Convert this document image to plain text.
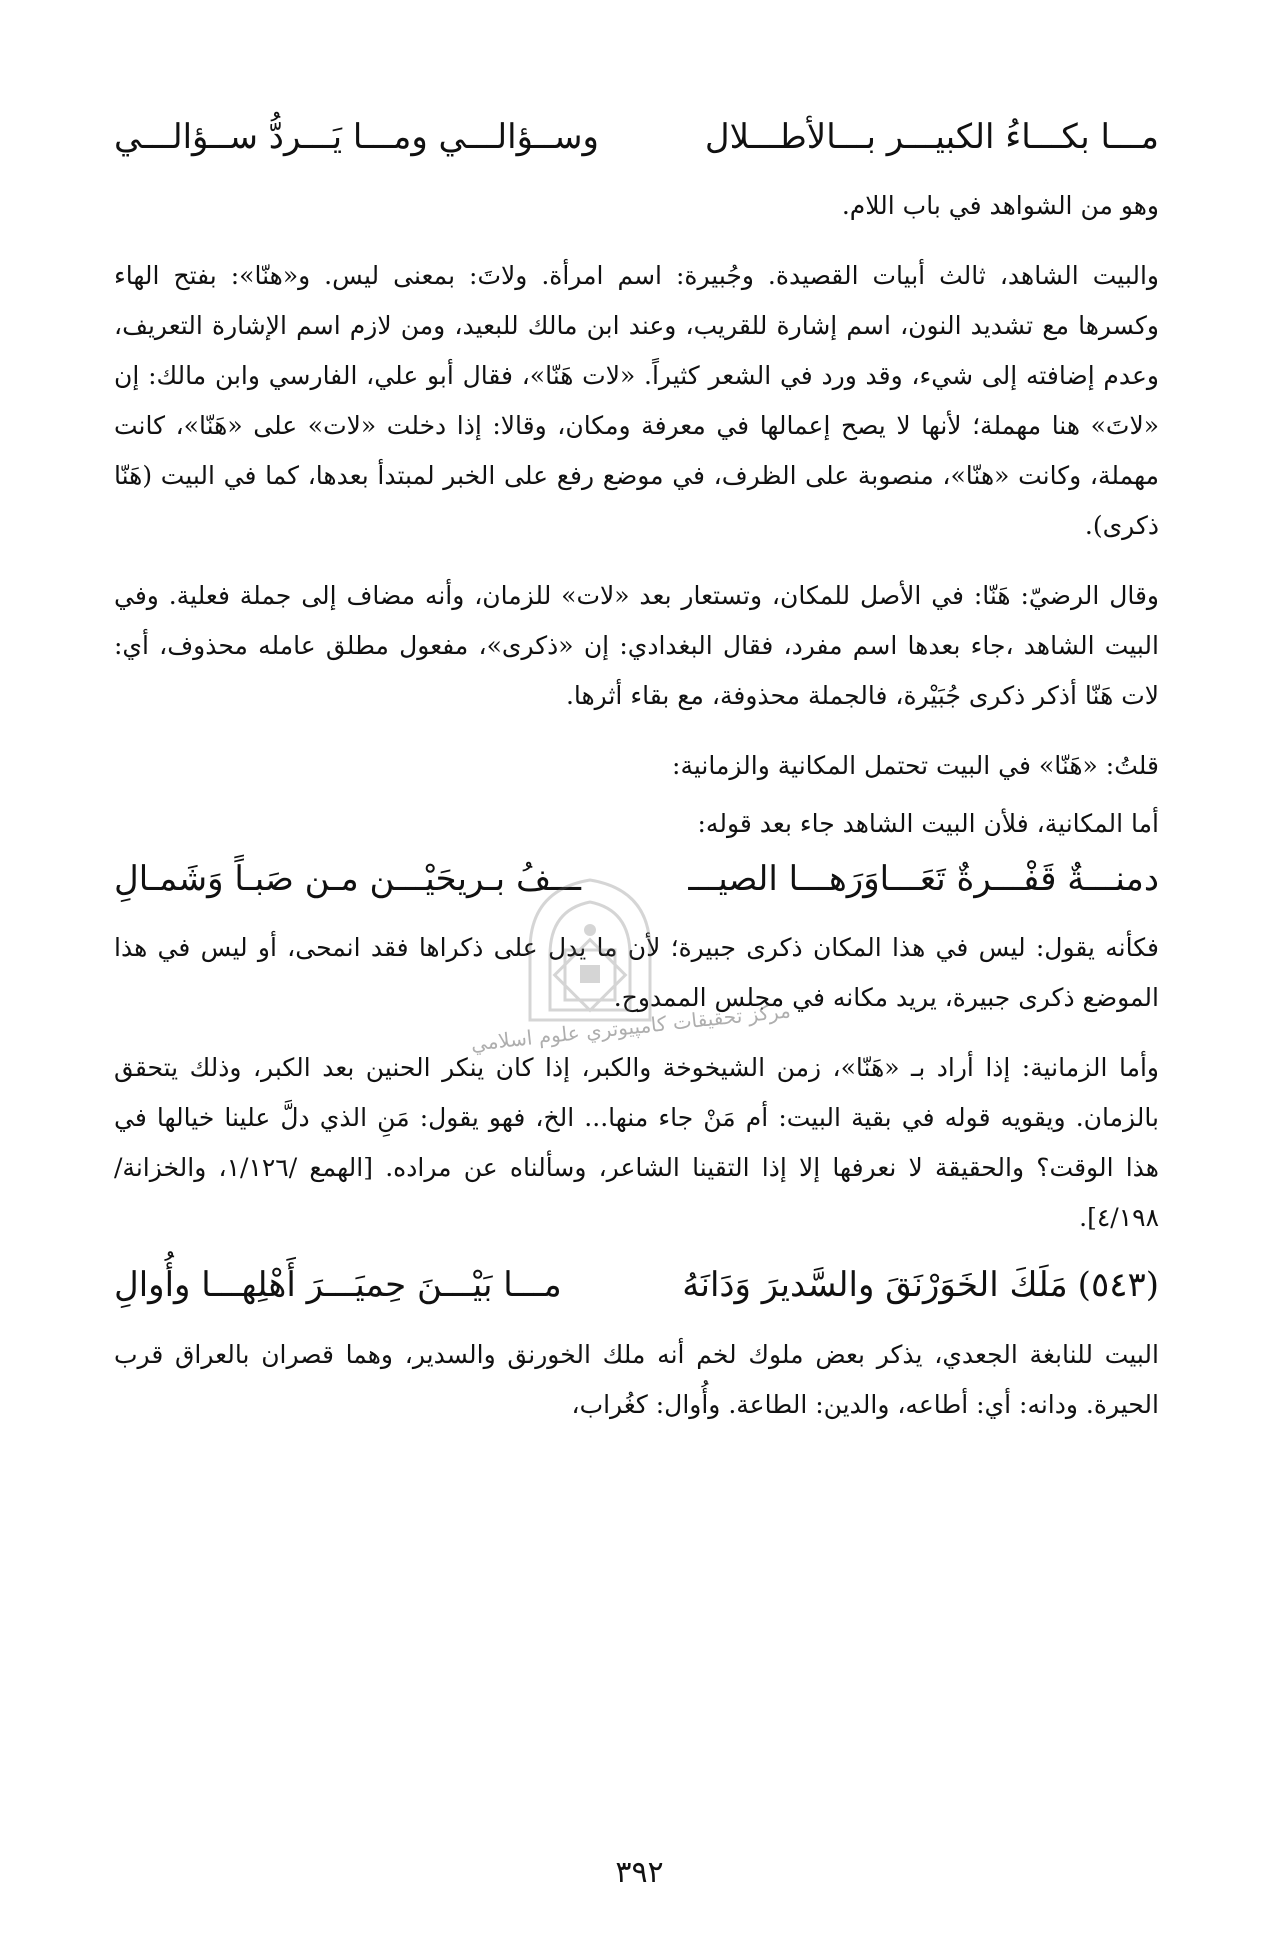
مـــا بكـــاءُ الكبيـــر بـــالأطـــلال
وســؤالـــي ومـــا يَـــردُّ ســؤالـــي

وهو من الشواهد في باب اللام.

والبيت الشاهد، ثالث أبيات القصيدة. وجُبيرة: اسم امرأة. ولاتَ: بمعنى ليس. و«هنّا»: بفتح الهاء وكسرها مع تشديد النون، اسم إشارة للقريب، وعند ابن مالك للبعيد، ومن لازم اسم الإشارة التعريف، وعدم إضافته إلى شيء، وقد ورد في الشعر كثيراً. «لات هَنّا»، فقال أبو علي، الفارسي وابن مالك: إن «لاتَ» هنا مهملة؛ لأنها لا يصح إعمالها في معرفة ومكان، وقالا: إذا دخلت «لات» على «هَنّا»، كانت مهملة، وكانت «هنّا»، منصوبة على الظرف، في موضع رفع على الخبر لمبتدأ بعدها، كما في البيت (هَنّا ذكرى).

وقال الرضيّ: هَنّا: في الأصل للمكان، وتستعار بعد «لات» للزمان، وأنه مضاف إلى جملة فعلية. وفي البيت الشاهد ،جاء بعدها اسم مفرد، فقال البغدادي: إن «ذكرى»، مفعول مطلق عامله محذوف، أي: لات هَنّا أذكر ذكرى جُبَيْرة، فالجملة محذوفة، مع بقاء أثرها.

قلتُ: «هَنّا» في البيت تحتمل المكانية والزمانية:

أما المكانية، فلأن البيت الشاهد جاء بعد قوله:

دمنـــةٌ قَفْـــرةٌ تَعَـــاوَرَهـــا الصيـــ
ـــفُ بـريحَيْـــن مـن صَبـاً وَشَمـالِ

فكأنه يقول: ليس في هذا المكان ذكرى جبيرة؛ لأن ما يدل على ذكراها فقد انمحى، أو ليس في هذا الموضع ذكرى جبيرة، يريد مكانه في مجلس الممدوح.

وأما الزمانية: إذا أراد بـ «هَنّا»، زمن الشيخوخة والكبر، إذا كان ينكر الحنين بعد الكبر، وذلك يتحقق بالزمان. ويقويه قوله في بقية البيت: أم مَنْ جاء منها... الخ، فهو يقول: مَنِ الذي دلَّ علينا خيالها في هذا الوقت؟ والحقيقة لا نعرفها إلا إذا التقينا الشاعر، وسألناه عن مراده. [الهمع /١/١٢٦، والخزانة/٤/١٩٨].

(٥٤٣)مَلَكَ الخَوَرْنَقَ والسَّديرَ وَدَانَهُ
مـــا بَيْـــنَ حِميَـــرَ أَهْلِهـــا وأُوالِ

البيت للنابغة الجعدي، يذكر بعض ملوك لخم أنه ملك الخورنق والسدير، وهما قصران بالعراق قرب الحيرة. ودانه: أي: أطاعه، والدين: الطاعة. وأُوال: كغُراب،

مركز تحقيقات كامپيوتري علوم اسلامي
٣٩٢
